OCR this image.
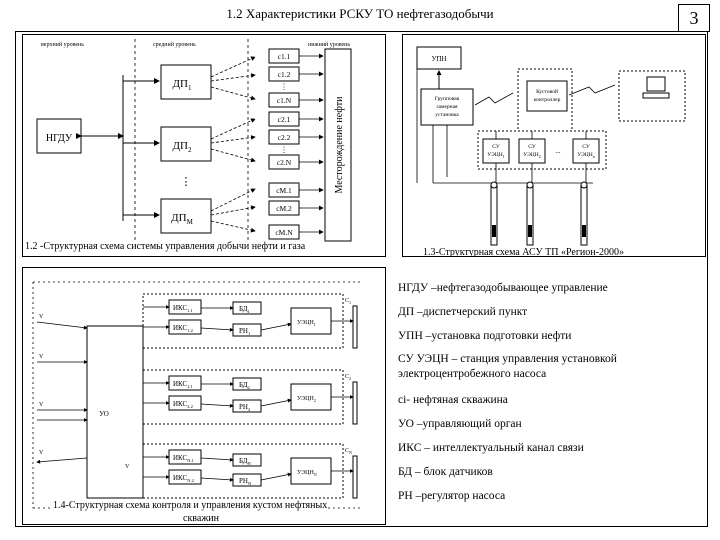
1.2 Характеристики РСКУ ТО нефтегазодобычи	3
верхний уровень	средний уровень	нижний уровень
НГДУ
$ДП_1$
$ДП_2$
⋮
$ДП_М$
c1.1
c1.2
⋮
c1.N
c2.1
c2.2
⋮
c2.N
cM.1
cM.2
cM.N
Месторождение нефти
1.2 -Структурная схема системы управления добычи нефти и газа
УПН
Групповая
замерная
установка
Кустовой
контроллер
СУ
$УЭЦН_1$
СУ
$УЭЦН_2$
...	СУ
$УЭЦН_n$
1.3-Структурная схема АСУ ТП «Регион-2000»
УО
V
V
V
V
V
$ИКС_{1.1}$
$ИКС_{1.2}$
$БД_1$
$РН_1$
$УЭЦН_1$
$C_1$
$ИКС_{2.1}$
$ИКС_{2.2}$
$БД_2$
$РН_2$
$УЭЦН_2$
$C_2$
$ИКС_{N.1}$
$ИКС_{N.2}$
$БД_N$
$РН_N$
$УЭЦН_N$
$C_N$
1.4-Структурная схема контроля и управления кустом нефтяных
скважин
НГДУ –нефтегазодобывающее управление
ДП –диспетчерский пункт
УПН –установка подготовки нефти
СУ УЭЦН – станция управления установкой электроцентробежного насоса
ci- нефтяная скважина
УО –управляющий орган
ИКС – интеллектуальный канал связи
БД – блок датчиков
РН –регулятор насоса
